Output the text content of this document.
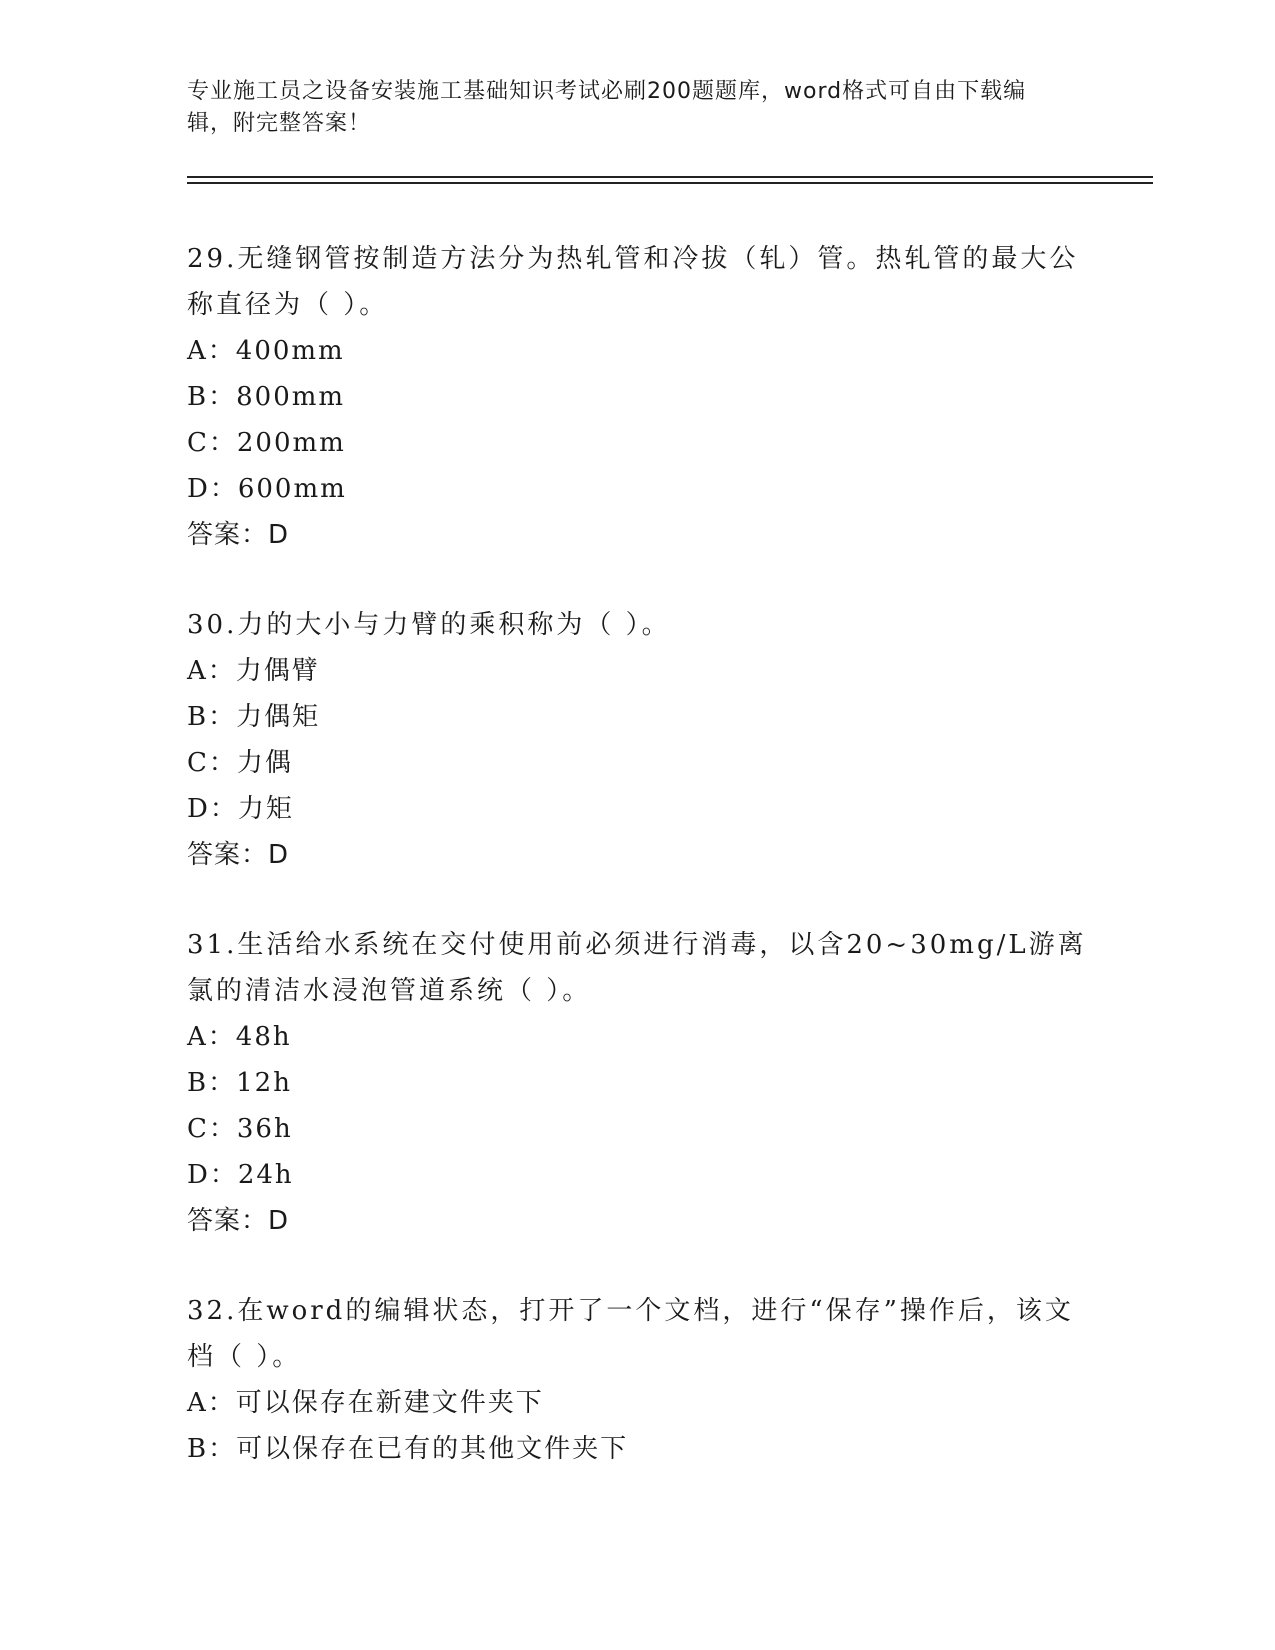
专业施工员之设备安装施工基础知识考试必刷200题题库，word格式可自由下载编辑，附完整答案！
29.无缝钢管按制造方法分为热轧管和冷拔（轧）管。热轧管的最大公称直径为（ ）。
A：400mm
B：800mm
C：200mm
D：600mm
答案：D
30.力的大小与力臂的乘积称为（ ）。
A：力偶臂
B：力偶矩
C：力偶
D：力矩
答案：D
31.生活给水系统在交付使用前必须进行消毒，以含20~30mg/L游离氯的清洁水浸泡管道系统（ ）。
A：48h
B：12h
C：36h
D：24h
答案：D
32.在word的编辑状态，打开了一个文档，进行“保存”操作后，该文档（ ）。
A：可以保存在新建文件夹下
B：可以保存在已有的其他文件夹下
